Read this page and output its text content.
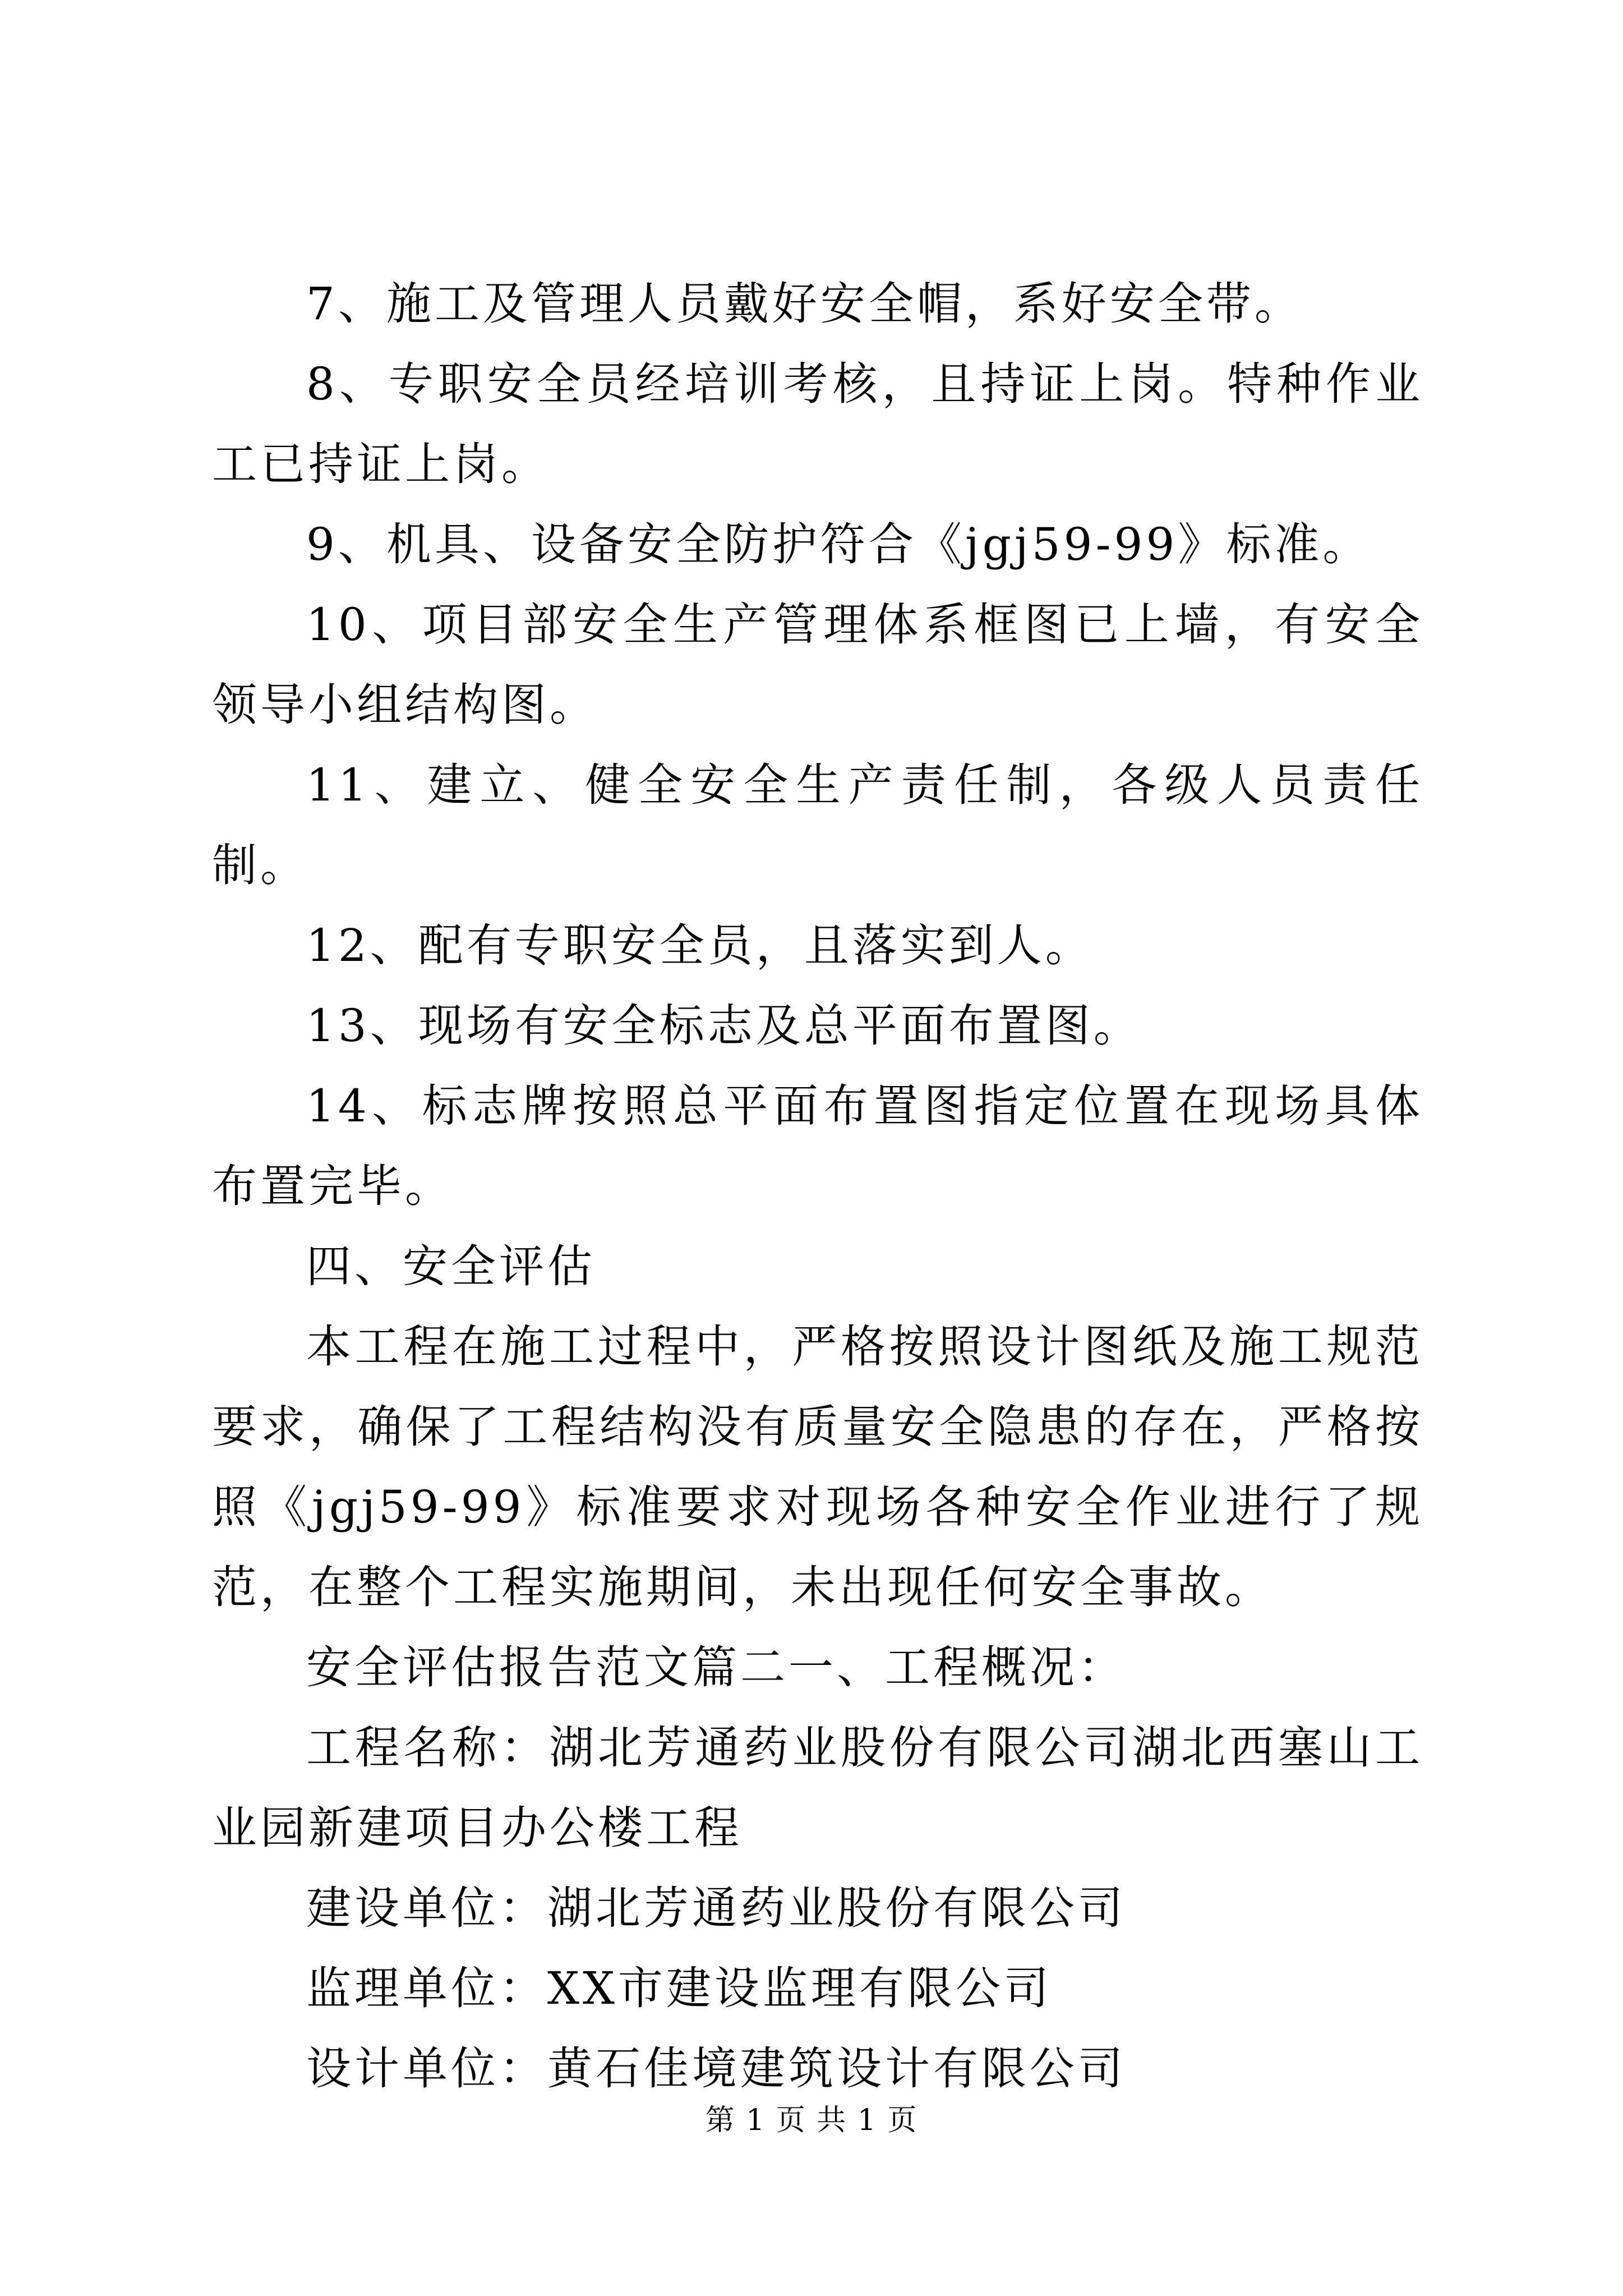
7、施工及管理人员戴好安全帽，系好安全带。

8、专职安全员经培训考核，且持证上岗。特种作业工已持证上岗。

9、机具、设备安全防护符合《jgj59-99》标准。

10、项目部安全生产管理体系框图已上墙，有安全领导小组结构图。

11、建立、健全安全生产责任制，各级人员责任制。

12、配有专职安全员，且落实到人。

13、现场有安全标志及总平面布置图。

14、标志牌按照总平面布置图指定位置在现场具体布置完毕。

四、安全评估

本工程在施工过程中，严格按照设计图纸及施工规范要求，确保了工程结构没有质量安全隐患的存在，严格按照《jgj59-99》标准要求对现场各种安全作业进行了规范，在整个工程实施期间，未出现任何安全事故。

安全评估报告范文篇二一、工程概况：

工程名称：湖北芳通药业股份有限公司湖北西塞山工业园新建项目办公楼工程

建设单位：湖北芳通药业股份有限公司

监理单位：XX市建设监理有限公司

设计单位：黄石佳境建筑设计有限公司

第 1 页 共 1 页
